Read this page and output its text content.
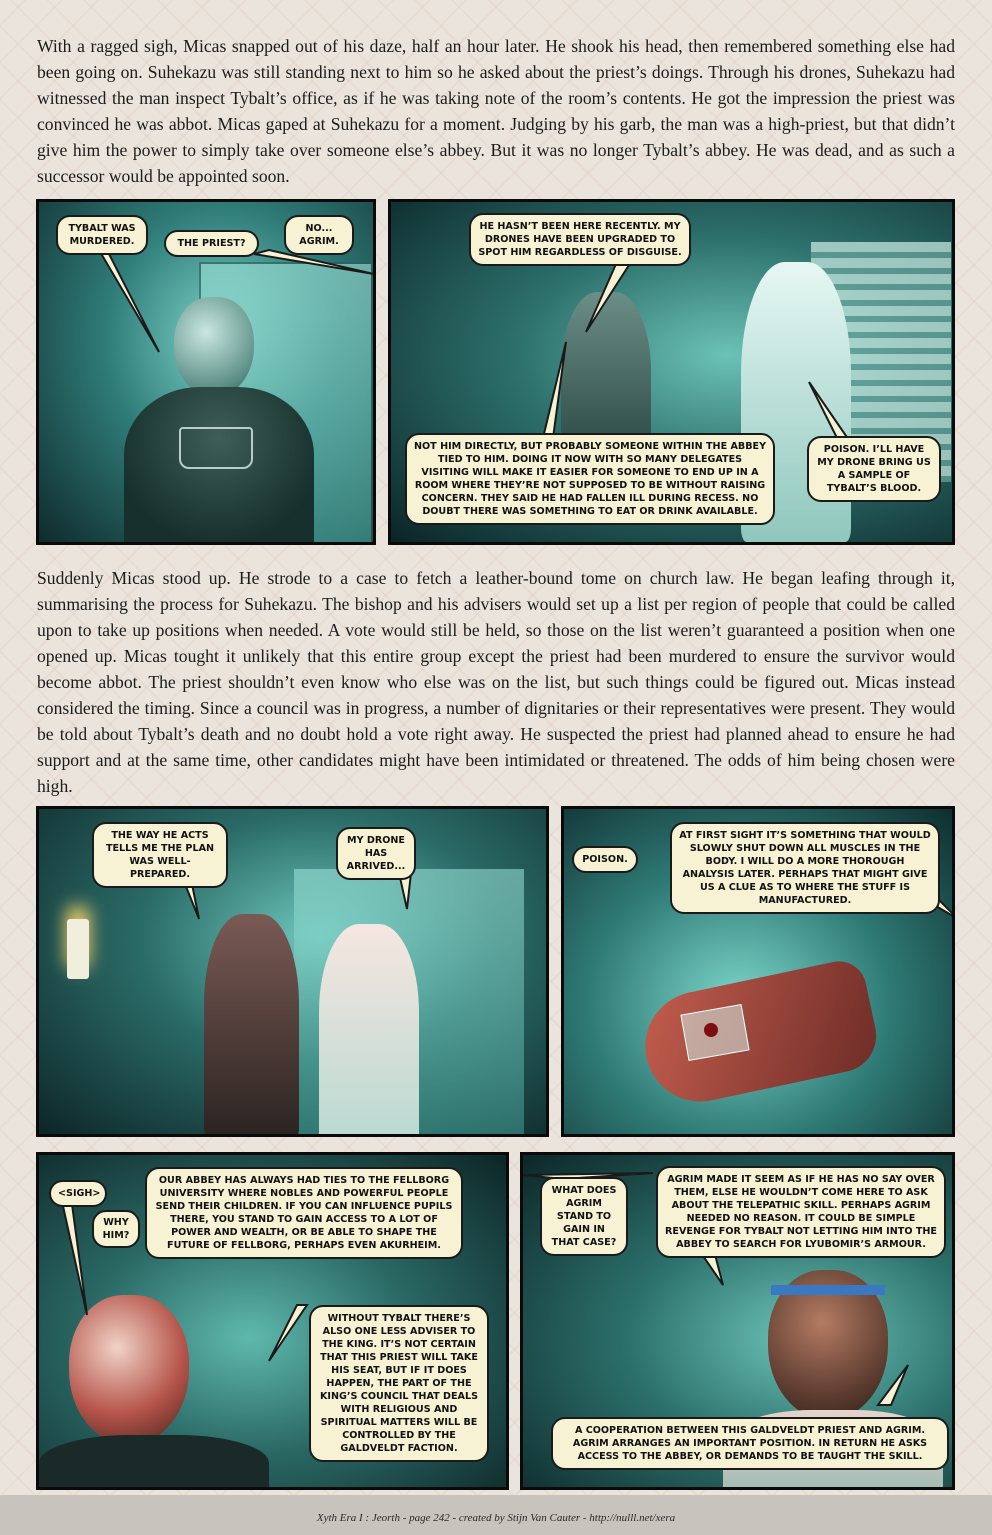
With a ragged sigh, Micas snapped out of his daze, half an hour later. He shook his head, then remembered something else had been going on. Suhekazu was still standing next to him so he asked about the priest’s doings. Through his drones, Suhekazu had witnessed the man inspect Tybalt’s office, as if he was taking note of the room’s contents. He got the impression the priest was convinced he was abbot. Micas gaped at Suhekazu for a moment. Judging by his garb, the man was a high-priest, but that didn’t give him the power to simply take over someone else’s abbey. But it was no longer Tybalt’s abbey. He was dead, and as such a successor would be appointed soon.

TYBALT WAS MURDERED.	THE PRIEST?
NO... AGRIM.
HE HASN’T BEEN HERE RECENTLY. MY DRONES HAVE BEEN UPGRADED TO SPOT HIM REGARDLESS OF DISGUISE.
NOT HIM DIRECTLY, BUT PROBABLY SOMEONE WITHIN THE ABBEY TIED TO HIM. DOING IT NOW WITH SO MANY DELEGATES VISITING WILL MAKE IT EASIER FOR SOMEONE TO END UP IN A ROOM WHERE THEY’RE NOT SUPPOSED TO BE WITHOUT RAISING CONCERN. THEY SAID HE HAD FALLEN ILL DURING RECESS. NO DOUBT THERE WAS SOMETHING TO EAT OR DRINK AVAILABLE.
POISON. I’LL HAVE MY DRONE BRING US A SAMPLE OF TYBALT’S BLOOD.

Suddenly Micas stood up. He strode to a case to fetch a leather-bound tome on church law. He began leafing through it, summarising the process for Suhekazu. The bishop and his advisers would set up a list per region of people that could be called upon to take up positions when needed. A vote would still be held, so those on the list weren’t guaranteed a position when one opened up. Micas tought it unlikely that this entire group except the priest had been murdered to ensure the survivor would become abbot. The priest shouldn’t even know who else was on the list, but such things could be figured out. Micas instead considered the timing. Since a council was in progress, a number of dignitaries or their representatives were present. They would be told about Tybalt’s death and no doubt hold a vote right away. He suspected the priest had planned ahead to ensure he had support and at the same time, other candidates might have been intimidated or threatened. The odds of him being chosen were high.

THE WAY HE ACTS TELLS ME THE PLAN WAS WELL-PREPARED.
MY DRONE HAS ARRIVED...
POISON.
AT FIRST SIGHT IT’S SOMETHING THAT WOULD SLOWLY SHUT DOWN ALL MUSCLES IN THE BODY. I WILL DO A MORE THOROUGH ANALYSIS LATER. PERHAPS THAT MIGHT GIVE US A CLUE AS TO WHERE THE STUFF IS MANUFACTURED.
<SIGH>
WHY HIM?
OUR ABBEY HAS ALWAYS HAD TIES TO THE FELLBORG UNIVERSITY WHERE NOBLES AND POWERFUL PEOPLE SEND THEIR CHILDREN. IF YOU CAN INFLUENCE PUPILS THERE, YOU STAND TO GAIN ACCESS TO A LOT OF POWER AND WEALTH, OR BE ABLE TO SHAPE THE FUTURE OF FELLBORG, PERHAPS EVEN AKURHEIM.
WITHOUT TYBALT THERE’S ALSO ONE LESS ADVISER TO THE KING. IT’S NOT CERTAIN THAT THIS PRIEST WILL TAKE HIS SEAT, BUT IF IT DOES HAPPEN, THE PART OF THE KING’S COUNCIL THAT DEALS WITH RELIGIOUS AND SPIRITUAL MATTERS WILL BE CONTROLLED BY THE GALDVELDT FACTION.
WHAT DOES AGRIM STAND TO GAIN IN THAT CASE?
AGRIM MADE IT SEEM AS IF HE HAS NO SAY OVER THEM, ELSE HE WOULDN’T COME HERE TO ASK ABOUT THE TELEPATHIC SKILL. PERHAPS AGRIM NEEDED NO REASON. IT COULD BE SIMPLE REVENGE FOR TYBALT NOT LETTING HIM INTO THE ABBEY TO SEARCH FOR LYUBOMIR’S ARMOUR.
A COOPERATION BETWEEN THIS GALDVELDT PRIEST AND AGRIM. AGRIM ARRANGES AN IMPORTANT POSITION. IN RETURN HE ASKS ACCESS TO THE ABBEY, OR DEMANDS TO BE TAUGHT THE SKILL.
Xyth Era I : Jeorth - page 242 - created by Stijn Van Cauter - http://nulll.net/xera
